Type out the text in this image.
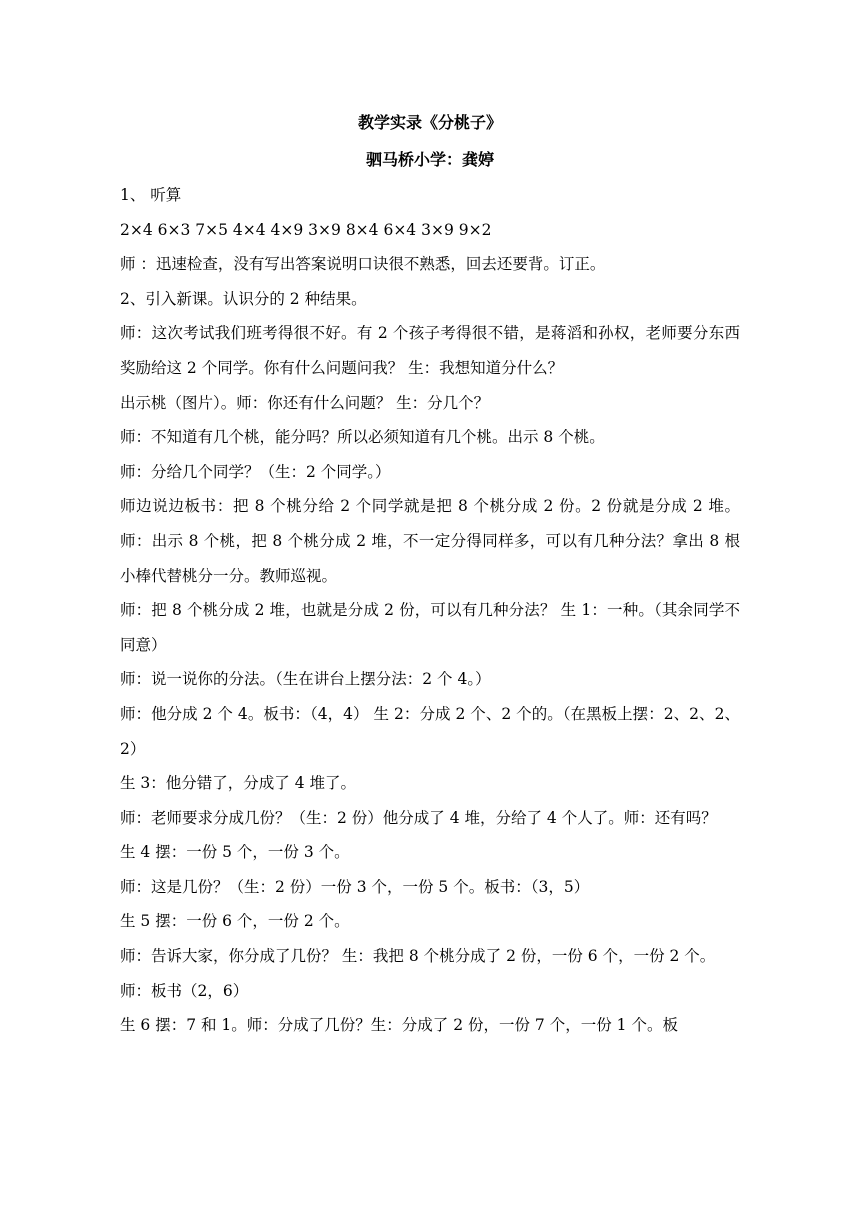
教学实录《分桃子》

驷马桥小学：龚婷

1、 听算

2×4 6×3 7×5 4×4 4×9 3×9 8×4 6×4 3×9 9×2

师 ：迅速检查，没有写出答案说明口诀很不熟悉，回去还要背。订正。

2、引入新课。认识分的 2 种结果。

师：这次考试我们班考得很不好。有 2 个孩子考得很不错，是蒋滔和孙权，老师要分东西奖励给这 2 个同学。你有什么问题问我？ 生：我想知道分什么？

出示桃（图片）。师：你还有什么问题？ 生：分几个？

师：不知道有几个桃，能分吗？所以必须知道有几个桃。出示 8 个桃。

师：分给几个同学？（生：2 个同学。）

师边说边板书：把 8 个桃分给 2 个同学就是把 8 个桃分成 2 份。2 份就是分成 2 堆。 师：出示 8 个桃，把 8 个桃分成 2 堆，不一定分得同样多，可以有几种分法？拿出 8 根小棒代替桃分一分。教师巡视。

师：把 8 个桃分成 2 堆，也就是分成 2 份，可以有几种分法？ 生 1：一种。（其余同学不同意）

师：说一说你的分法。（生在讲台上摆分法：2 个 4。）

师：他分成 2 个 4。板书：（4，4） 生 2：分成 2 个、2 个的。（在黑板上摆：2、2、2、2）

生 3：他分错了，分成了 4 堆了。

师：老师要求分成几份？（生：2 份）他分成了 4 堆，分给了 4 个人了。师：还有吗？

生 4 摆：一份 5 个，一份 3 个。

师：这是几份？（生：2 份）一份 3 个，一份 5 个。板书：（3，5）

生 5 摆：一份 6 个，一份 2 个。

师：告诉大家，你分成了几份？ 生：我把 8 个桃分成了 2 份，一份 6 个，一份 2 个。

师：板书（2，6）

生 6 摆：7 和 1。师：分成了几份？生：分成了 2 份，一份 7 个，一份 1 个。板
